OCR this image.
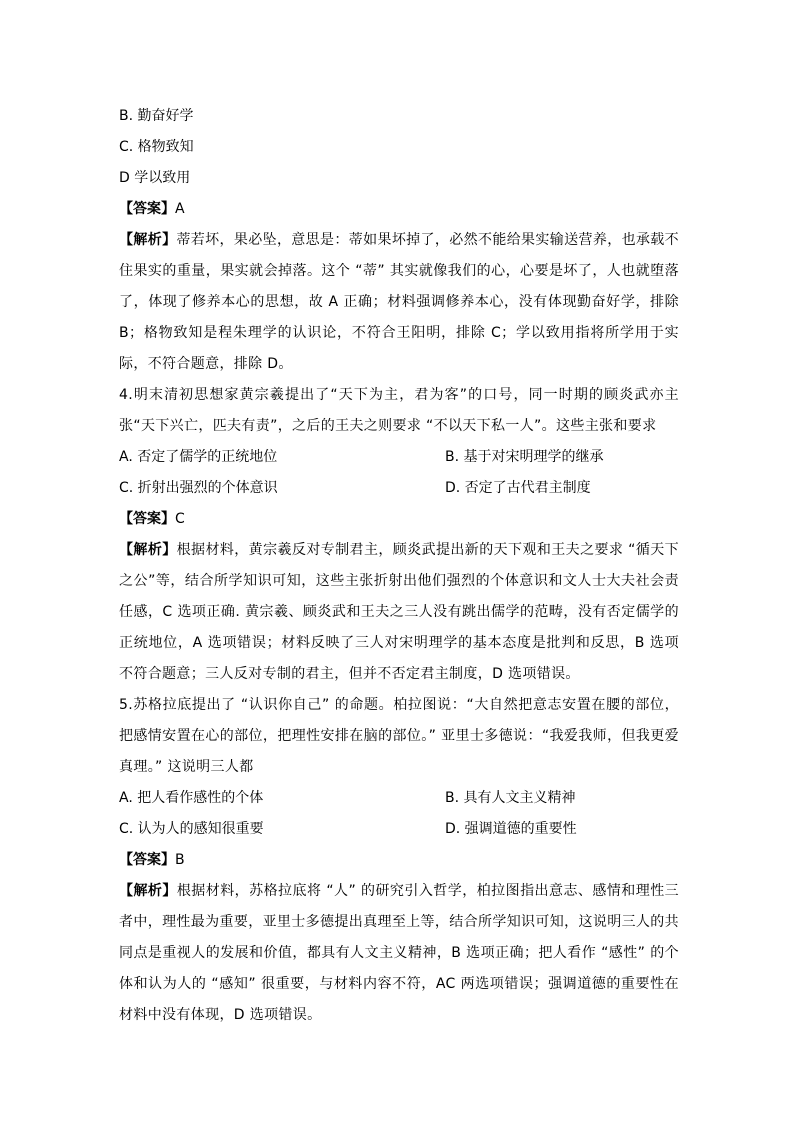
B. 勤奋好学
C. 格物致知
D 学以致用
【答案】A
【解析】蒂若坏，果必坠，意思是：蒂如果坏掉了，必然不能给果实输送营养，也承载不住果实的重量，果实就会掉落。这个 “蒂” 其实就像我们的心，心要是坏了，人也就堕落了，体现了修养本心的思想，故 A 正确；材料强调修养本心，没有体现勤奋好学，排除 B；格物致知是程朱理学的认识论，不符合王阳明，排除 C；学以致用指将所学用于实际，不符合题意，排除 D。
4.明末清初思想家黄宗羲提出了“天下为主，君为客”的口号，同一时期的顾炎武亦主张“天下兴亡，匹夫有责”，之后的王夫之则要求 “不以天下私一人”。这些主张和要求
A. 否定了儒学的正统地位	B. 基于对宋明理学的继承
C. 折射出强烈的个体意识	D. 否定了古代君主制度
【答案】C
【解析】根据材料，黄宗羲反对专制君主，顾炎武提出新的天下观和王夫之要求 “循天下之公”等，结合所学知识可知，这些主张折射出他们强烈的个体意识和文人士大夫社会责任感，C 选项正确. 黄宗羲、顾炎武和王夫之三人没有跳出儒学的范畴，没有否定儒学的正统地位，A 选项错误；材料反映了三人对宋明理学的基本态度是批判和反思，B 选项不符合题意；三人反对专制的君主，但并不否定君主制度，D 选项错误。
5.苏格拉底提出了 “认识你自己” 的命题。柏拉图说：“大自然把意志安置在腰的部位，把感情安置在心的部位，把理性安排在脑的部位。” 亚里士多德说：“我爱我师，但我更爱真理。” 这说明三人都
A. 把人看作感性的个体	B. 具有人文主义精神
C. 认为人的感知很重要	D. 强调道德的重要性
【答案】B
【解析】根据材料，苏格拉底将 “人” 的研究引入哲学，柏拉图指出意志、感情和理性三者中，理性最为重要，亚里士多德提出真理至上等，结合所学知识可知，这说明三人的共同点是重视人的发展和价值，都具有人文主义精神，B 选项正确；把人看作 “感性” 的个体和认为人的 “感知” 很重要，与材料内容不符，AC 两选项错误；强调道德的重要性在材料中没有体现，D 选项错误。
